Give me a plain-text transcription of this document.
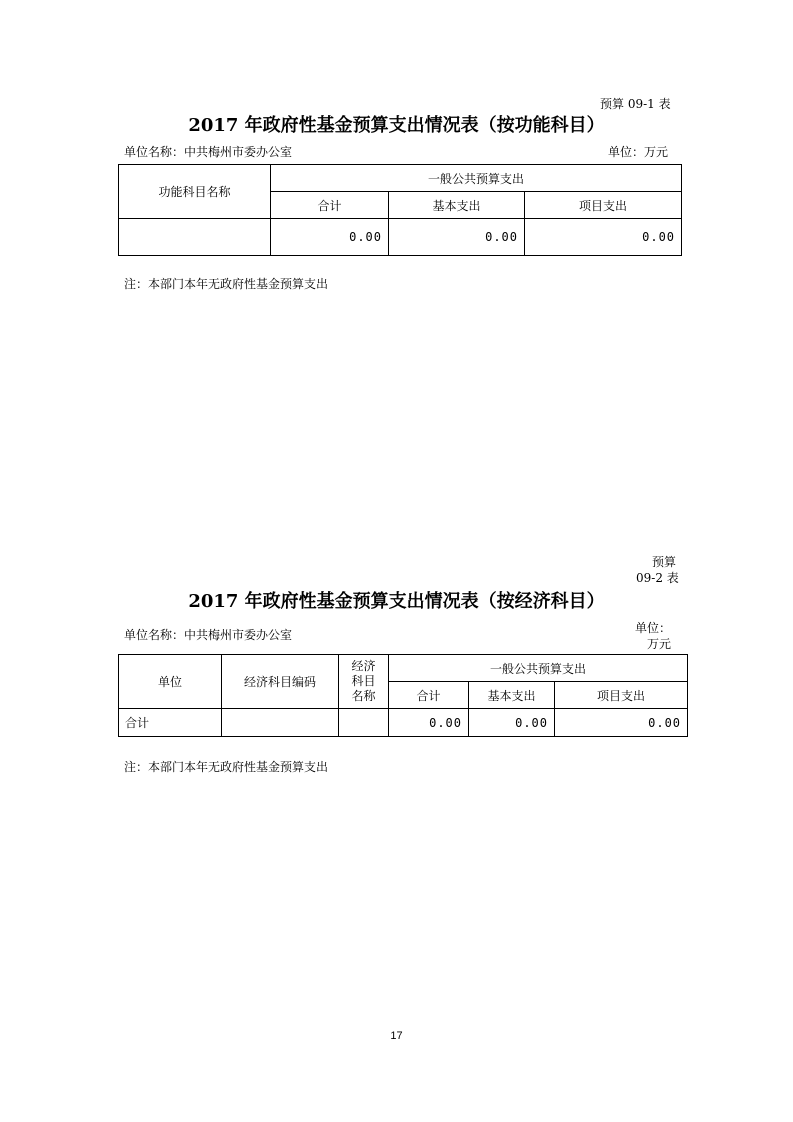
预算 09-1 表
2017 年政府性基金预算支出情况表（按功能科目）
单位名称：中共梅州市委办公室	单位：万元
功能科目名称	一般公共预算支出		
	合计	基本支出	项目支出
	0.00	0.00	0.00
注：本部门本年无政府性基金预算支出
预算
09-2 表
2017 年政府性基金预算支出情况表（按经济科目）
单位名称：中共梅州市委办公室	单位：
万元
单位	经济科目编码	经济
科目
名称	一般公共预算支出		
			合计	基本支出	项目支出
合计			0.00	0.00	0.00
注：本部门本年无政府性基金预算支出
17
